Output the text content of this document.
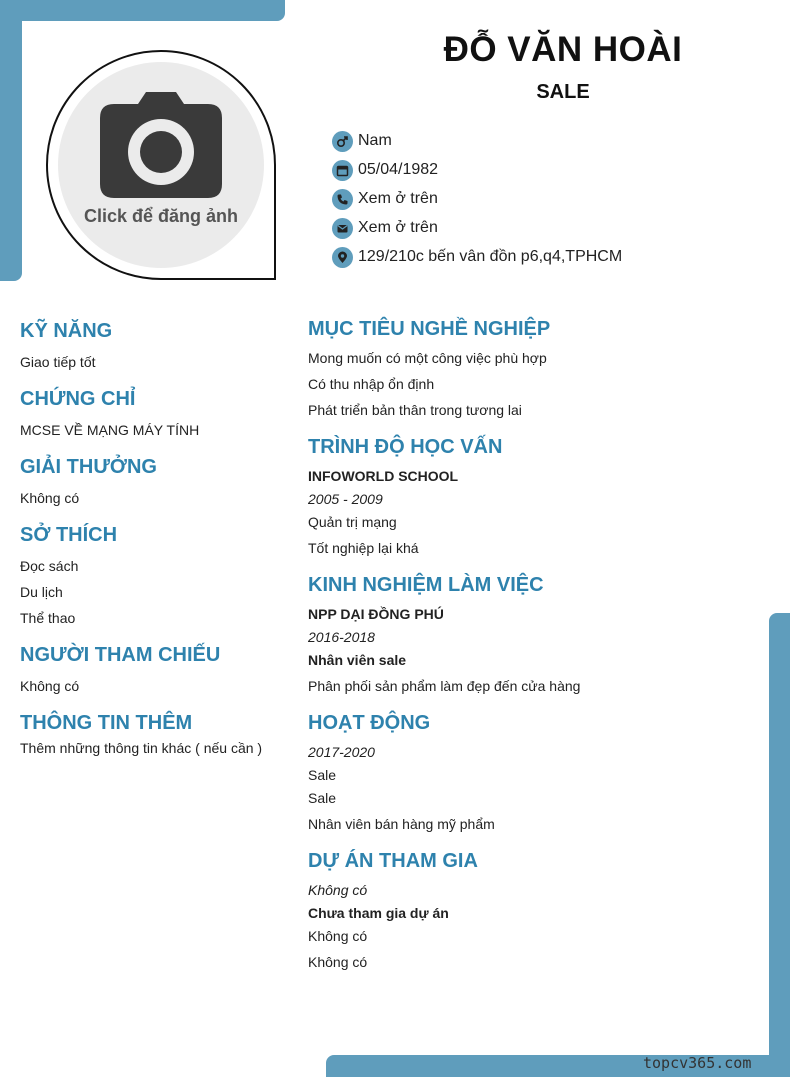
Click để đăng ảnh
ĐỖ VĂN HOÀI
SALE
Nam
05/04/1982
Xem ở trên
Xem ở trên
129/210c bến vân đồn p6,q4,TPHCM
KỸ NĂNG
Giao tiếp tốt
CHỨNG CHỈ
MCSE VỀ MẠNG MÁY TÍNH
GIẢI THƯỞNG
Không có
SỞ THÍCH
Đọc sách
Du lịch
Thể thao
NGƯỜI THAM CHIẾU
Không có
THÔNG TIN THÊM
Thêm những thông tin khác ( nếu cần )
MỤC TIÊU NGHỀ NGHIỆP
Mong muốn có một công việc phù hợp
Có thu nhập ổn định
Phát triển bản thân trong tương lai
TRÌNH ĐỘ HỌC VẤN
INFOWORLD SCHOOL
2005 - 2009
Quản trị mạng
Tốt nghiệp lại khá
KINH NGHIỆM LÀM VIỆC
NPP DẠI ĐỒNG PHÚ
2016-2018
Nhân viên sale
Phân phối sản phẩm làm đẹp đến cửa hàng
HOẠT ĐỘNG
2017-2020
Sale
Sale
Nhân viên bán hàng mỹ phẩm
DỰ ÁN THAM GIA
Không có
Chưa tham gia dự án
Không có
Không có
topcv365.com
